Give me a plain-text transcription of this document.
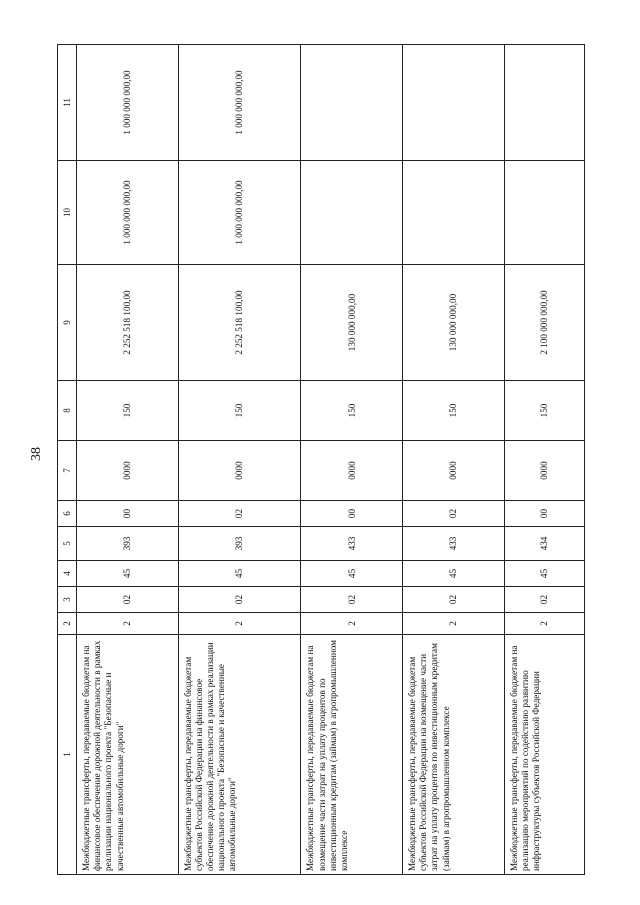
38
1	2	3	4	5	6	7	8	9	10	11
Межбюджетные трансферты, передаваемые бюджетам на финансовое обеспечение дорожной деятельности в рамках реализации национального проекта "Безопасные и качественные автомобильные дороги"	2	02	45	393	00	0000	150	2 252 518 100,00	1 000 000 000,00	1 000 000 000,00
Межбюджетные трансферты, передаваемые бюджетам субъектов Российской Федерации на финансовое обеспечение дорожной деятельности в рамках реализации национального проекта "Безопасные и качественные автомобильные дороги"	2	02	45	393	02	0000	150	2 252 518 100,00	1 000 000 000,00	1 000 000 000,00
Межбюджетные трансферты, передаваемые бюджетам на возмещение части затрат на уплату процентов по инвестиционным кредитам (займам) в агропромышленном комплексе	2	02	45	433	00	0000	150	130 000 000,00		
Межбюджетные трансферты, передаваемые бюджетам субъектов Российской Федерации на возмещение части затрат на уплату процентов по инвестиционным кредитам (займам) в агропромышленном комплексе	2	02	45	433	02	0000	150	130 000 000,00		
Межбюджетные трансферты, передаваемые бюджетам на реализацию мероприятий по содействию развитию инфраструктуры субъектов Российской Федерации	2	02	45	434	00	0000	150	2 100 000 000,00		
